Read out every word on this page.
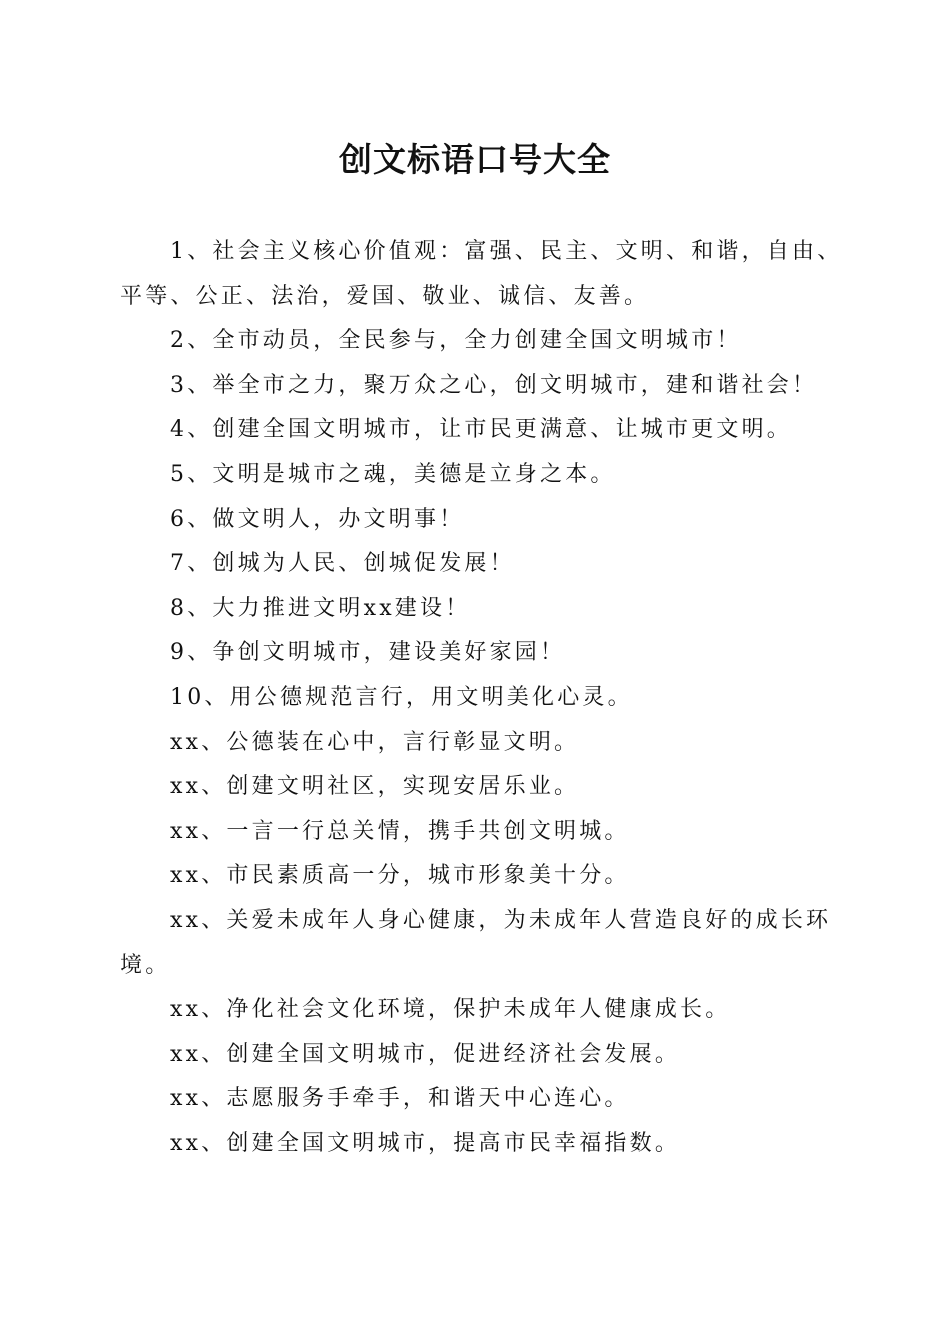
创文标语口号大全

1、社会主义核心价值观：富强、民主、文明、和谐，自由、平等、公正、法治，爱国、敬业、诚信、友善。

2、全市动员，全民参与，全力创建全国文明城市！

3、举全市之力，聚万众之心，创文明城市，建和谐社会！

4、创建全国文明城市，让市民更满意、让城市更文明。

5、文明是城市之魂，美德是立身之本。

6、做文明人，办文明事！

7、创城为人民、创城促发展！

8、大力推进文明xx建设！

9、争创文明城市，建设美好家园！

10、用公德规范言行，用文明美化心灵。

xx、公德装在心中，言行彰显文明。

xx、创建文明社区，实现安居乐业。

xx、一言一行总关情，携手共创文明城。

xx、市民素质高一分，城市形象美十分。

xx、关爱未成年人身心健康，为未成年人营造良好的成长环境。

xx、净化社会文化环境，保护未成年人健康成长。

xx、创建全国文明城市，促进经济社会发展。

xx、志愿服务手牵手，和谐天中心连心。

xx、创建全国文明城市，提高市民幸福指数。
